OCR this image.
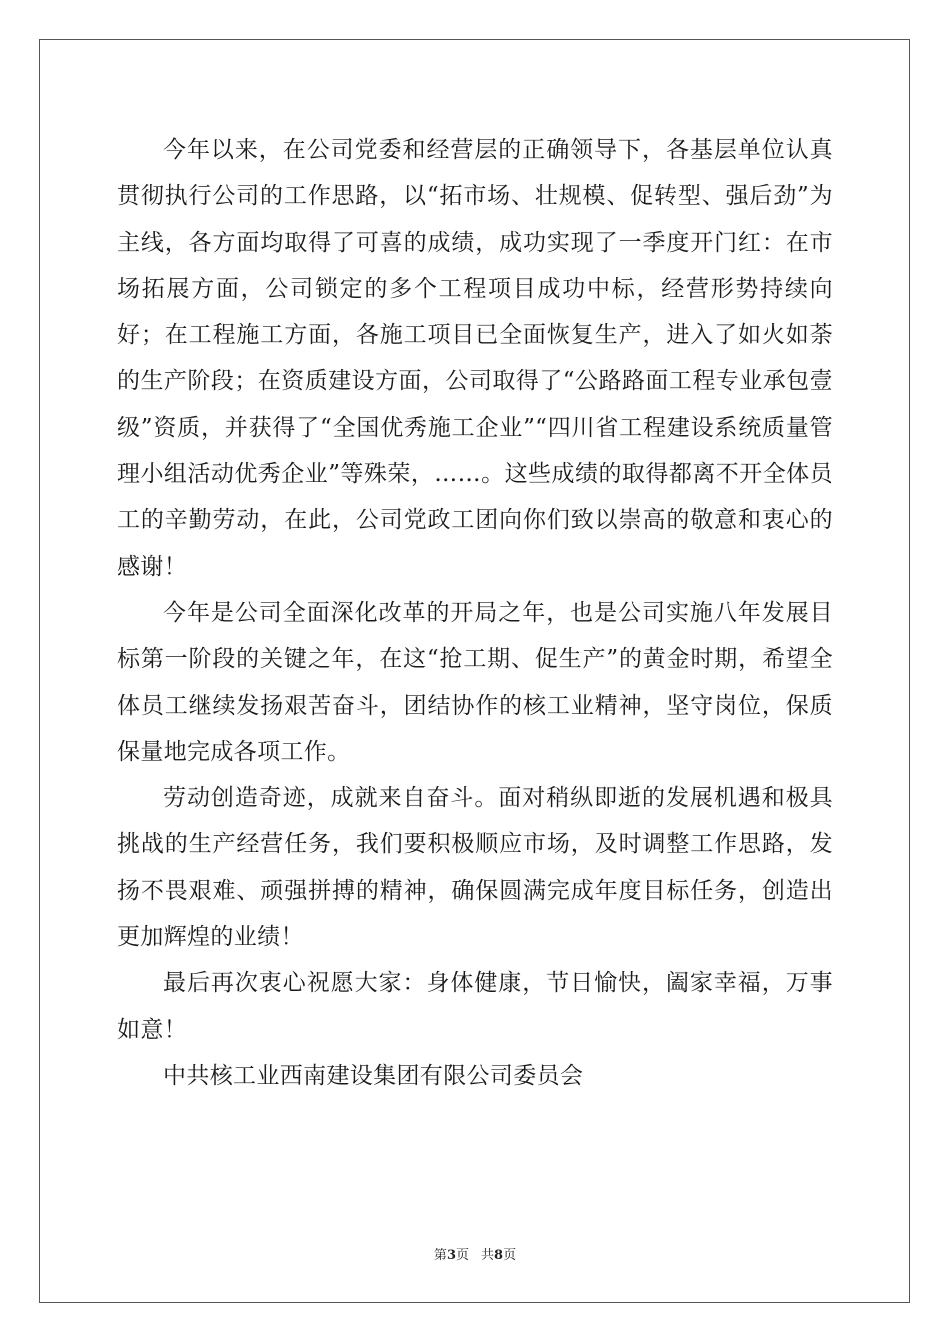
今年以来，在公司党委和经营层的正确领导下，各基层单位认真贯彻执行公司的工作思路，以“拓市场、壮规模、促转型、强后劲”为主线，各方面均取得了可喜的成绩，成功实现了一季度开门红：在市场拓展方面，公司锁定的多个工程项目成功中标，经营形势持续向好；在工程施工方面，各施工项目已全面恢复生产，进入了如火如荼的生产阶段；在资质建设方面，公司取得了“公路路面工程专业承包壹级”资质，并获得了“全国优秀施工企业”“四川省工程建设系统质量管理小组活动优秀企业”等殊荣，……。这些成绩的取得都离不开全体员工的辛勤劳动，在此，公司党政工团向你们致以崇高的敬意和衷心的感谢！

今年是公司全面深化改革的开局之年，也是公司实施八年发展目标第一阶段的关键之年，在这“抢工期、促生产”的黄金时期，希望全体员工继续发扬艰苦奋斗，团结协作的核工业精神，坚守岗位，保质保量地完成各项工作。

劳动创造奇迹，成就来自奋斗。面对稍纵即逝的发展机遇和极具挑战的生产经营任务，我们要积极顺应市场，及时调整工作思路，发扬不畏艰难、顽强拼搏的精神，确保圆满完成年度目标任务，创造出更加辉煌的业绩！

最后再次衷心祝愿大家：身体健康，节日愉快，阖家幸福，万事如意！

中共核工业西南建设集团有限公司委员会

第3页 共8页
